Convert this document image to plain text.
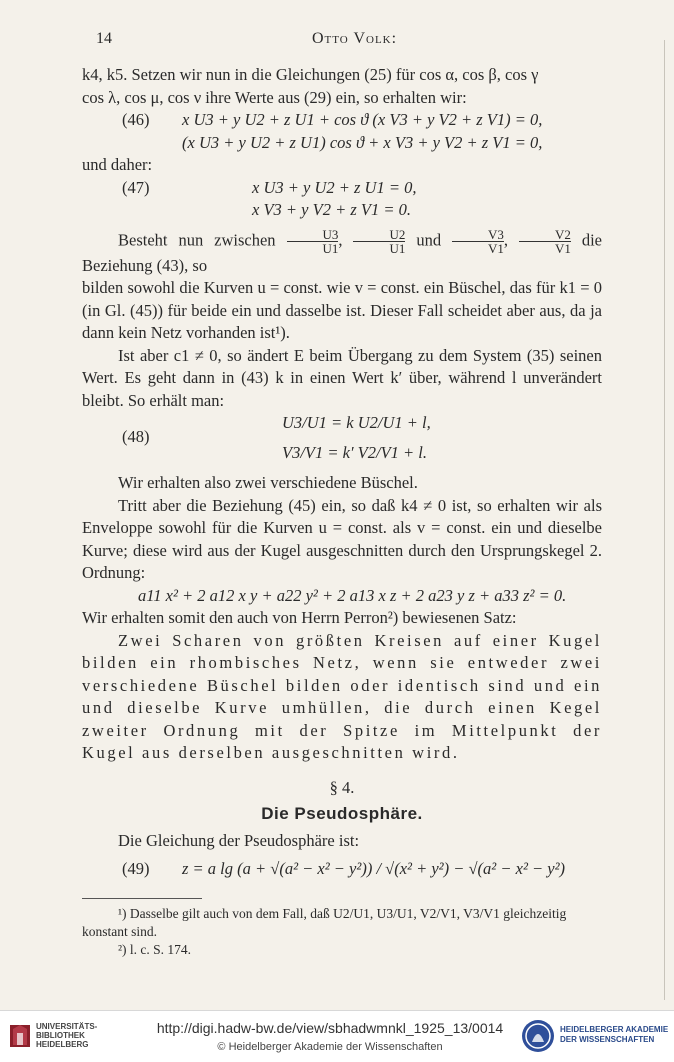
14	Otto Volk:

k4, k5. Setzen wir nun in die Gleichungen (25) für cos α, cos β, cos γ

cos λ, cos μ, cos ν ihre Werte aus (29) ein, so erhalten wir:

(46) x U3 + y U2 + z U1 + cos ϑ (x V3 + y V2 + z V1) = 0,
(x U3 + y U2 + z U1) cos ϑ + x V3 + y V2 + z V1 = 0,

und daher:

(47)	x U3 + y U2 + z U1 = 0,
x V3 + y V2 + z V1 = 0.

Besteht nun zwischen $\frac{U3}{U1}$ , $\frac{U2}{U1}$ und $\frac{V3}{V1}$ , $\frac{V2}{V1}$ die Beziehung (43), so

bilden sowohl die Kurven u = const. wie v = const. ein Büschel, das für k1 = 0 (in Gl. (45)) für beide ein und dasselbe ist. Dieser Fall scheidet aber aus, da ja dann kein Netz vorhanden ist¹).

Ist aber c1 ≠ 0, so ändert E beim Übergang zu dem System (35) seinen Wert. Es geht dann in (43) k in einen Wert k′ über, während l unverändert bleibt. So erhält man:

(48)
U3/U1 = k U2/U1 + l,
V3/V1 = k′ V2/V1 + l.

Wir erhalten also zwei verschiedene Büschel.

Tritt aber die Beziehung (45) ein, so daß k4 ≠ 0 ist, so erhalten wir als Enveloppe sowohl für die Kurven u = const. als v = const. ein und dieselbe Kurve; diese wird aus der Kugel ausgeschnitten durch den Ursprungskegel 2. Ordnung:

a11 x² + 2 a12 x y + a22 y² + 2 a13 x z + 2 a23 y z + a33 z² = 0.

Wir erhalten somit den auch von Herrn Perron²) bewiesenen Satz:

Zwei Scharen von größten Kreisen auf einer Kugel bilden ein rhombisches Netz, wenn sie entweder zwei verschiedene Büschel bilden oder identisch sind und ein und dieselbe Kurve umhüllen, die durch einen Kegel zweiter Ordnung mit der Spitze im Mittelpunkt der Kugel aus derselben ausgeschnitten wird.

§ 4.
Die Pseudosphäre.

Die Gleichung der Pseudosphäre ist:

(49) z = a lg (a + √(a² − x² − y²)) / √(x² + y²) − √(a² − x² − y²)

¹) Dasselbe gilt auch von dem Fall, daß U2/U1, U3/U1, V2/V1, V3/V1 gleichzeitig konstant sind.

²) l. c. S. 174.

UNIVERSITÄTS-BIBLIOTHEK HEIDELBERG
http://digi.hadw-bw.de/view/sbhadwmnkl_1925_13/0014
© Heidelberger Akademie der Wissenschaften
HEIDELBERGER AKADEMIE DER WISSENSCHAFTEN
